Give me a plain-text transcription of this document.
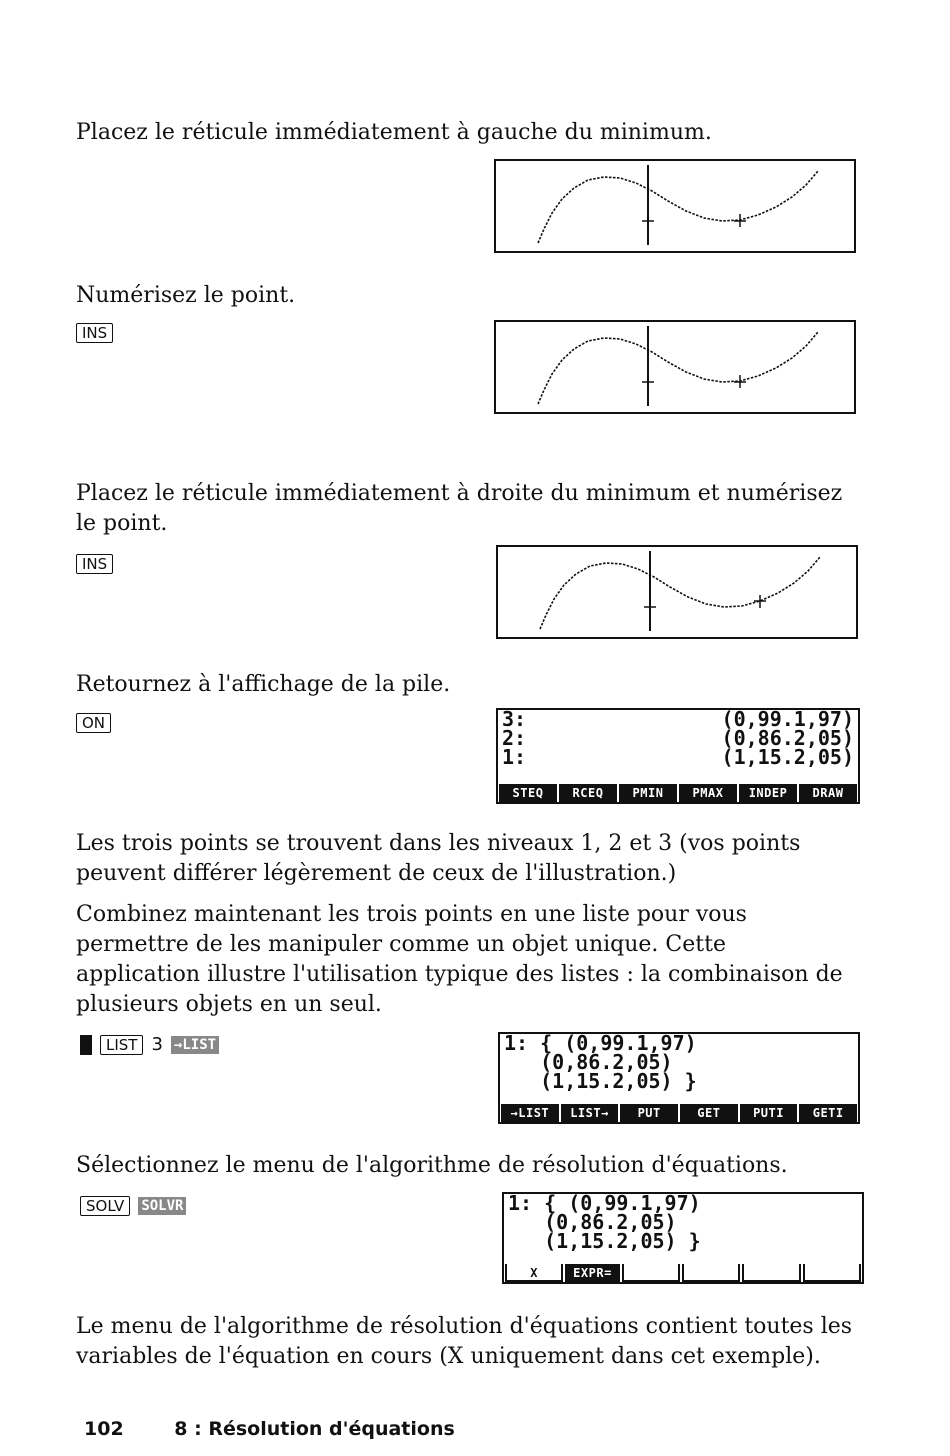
Placez le réticule immédiatement à gauche du minimum.

Numérisez le point.

INS

Placez le réticule immédiatement à droite du minimum et numérisez le point.

INS

Retournez à l'affichage de la pile.

ON	3:	(0,99.1,97)
2:	(0,86.2,05)
1:	(1,15.2,05)
STEQ	RCEQ	PMIN	PMAX	INDEP	DRAW

Les trois points se trouvent dans les niveaux 1, 2 et 3 (vos points peuvent différer légèrement de ceux de l'illustration.)

Combinez maintenant les trois points en une liste pour vous permettre de les manipuler comme un objet unique. Cette application illustre l'utilisation typique des listes : la combinaison de plusieurs objets en un seul.

LIST 3 →LIST	1: { (0,99.1,97)
(0,86.2,05)
(1,15.2,05) }
→LIST	LIST→	PUT	GET	PUTI	GETI

Sélectionnez le menu de l'algorithme de résolution d'équations.

SOLV	SOLVR	1: { (0,99.1,97)
(0,86.2,05)
(1,15.2,05) }
X	EXPR=

Le menu de l'algorithme de résolution d'équations contient toutes les variables de l'équation en cours (X uniquement dans cet exemple).

102	8 : Résolution d'équations
